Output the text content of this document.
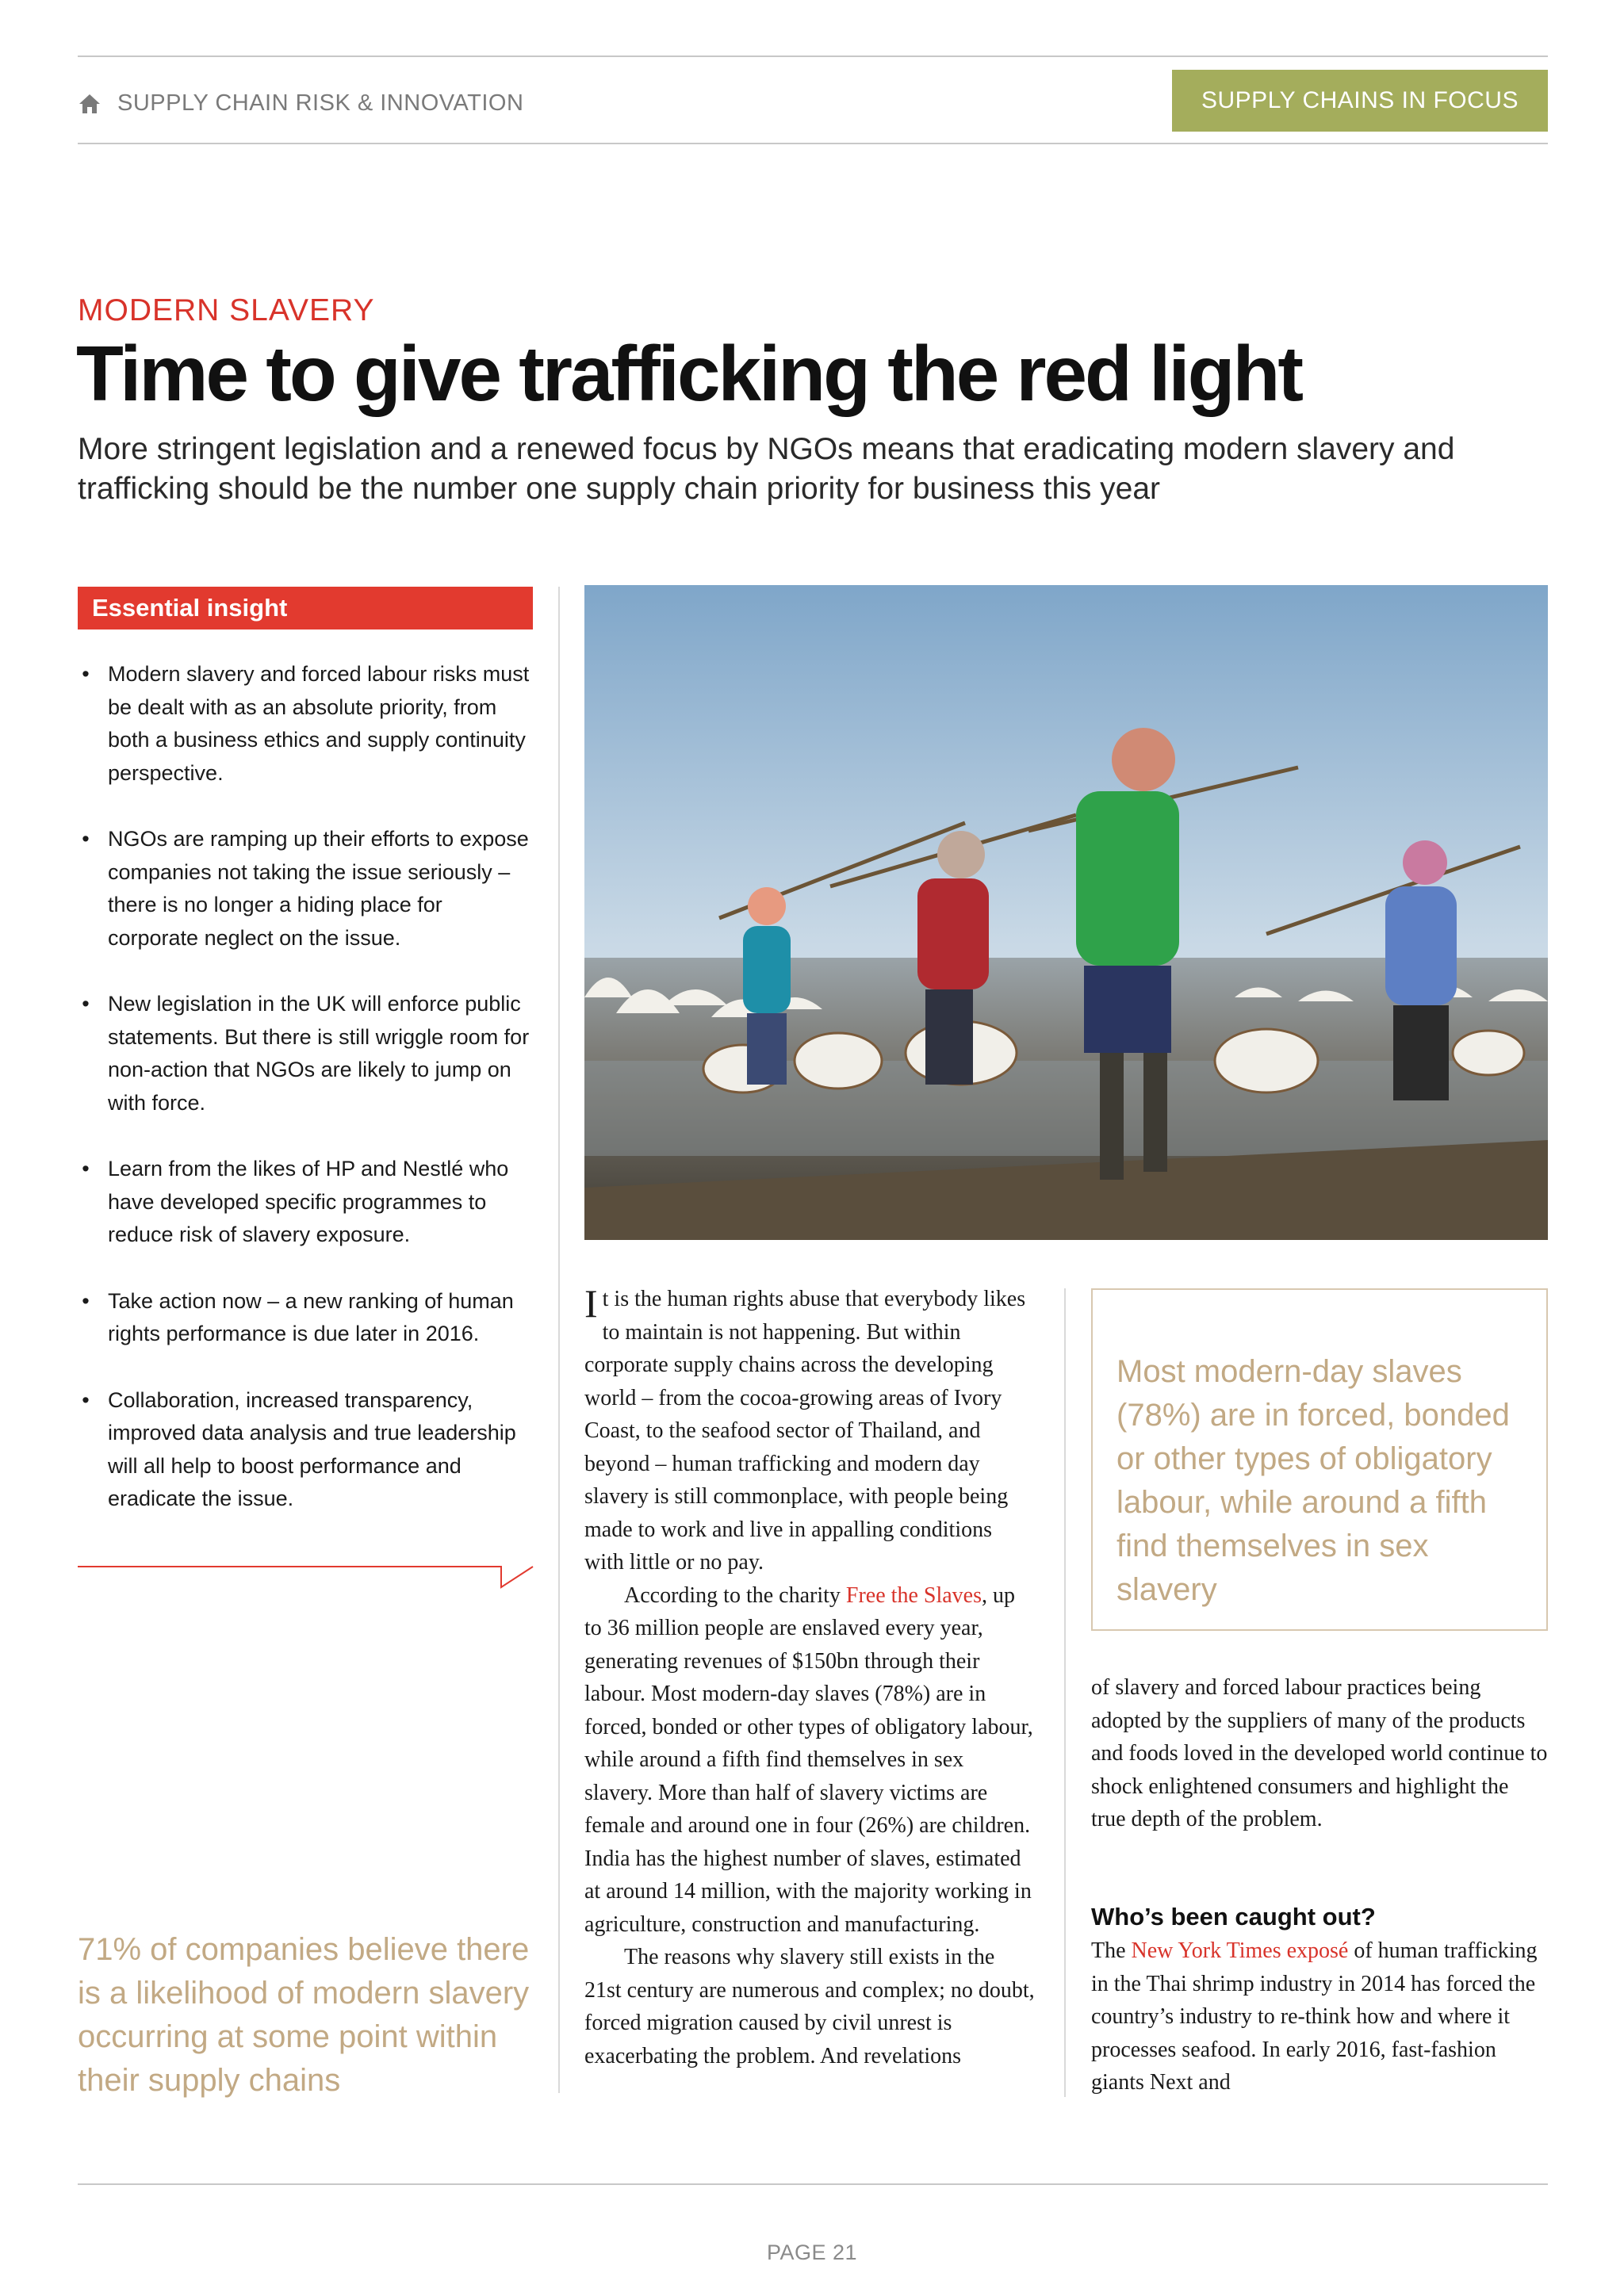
SUPPLY CHAIN RISK & INNOVATION	SUPPLY CHAINS IN FOCUS
MODERN SLAVERY
Time to give trafficking the red light

More stringent legislation and a renewed focus by NGOs means that eradicating modern slavery and trafficking should be the number one supply chain priority for business this year

Essential insight
• Modern slavery and forced labour risks must be dealt with as an absolute priority, from both a business ethics and supply continuity perspective.
• NGOs are ramping up their efforts to expose companies not taking the issue seriously – there is no longer a hiding place for corporate neglect on the issue.
• New legislation in the UK will enforce public statements. But there is still wriggle room for non-action that NGOs are likely to jump on with force.
• Learn from the likes of HP and Nestlé who have developed specific programmes to reduce risk of slavery exposure.
• Take action now – a new ranking of human rights performance is due later in 2016.
• Collaboration, increased transparency, improved data analysis and true leadership will all help to boost performance and eradicate the issue.
71% of companies believe there is a likelihood of modern slavery occurring at some point within their supply chains

It is the human rights abuse that everybody likes to maintain is not happening. But within corporate supply chains across the developing world – from the cocoa-growing areas of Ivory Coast, to the seafood sector of Thailand, and beyond – human trafficking and modern day slavery is still commonplace, with people being made to work and live in appalling conditions with little or no pay.

According to the charity Free the Slaves, up to 36 million people are enslaved every year, generating revenues of $150bn through their labour. Most modern-day slaves (78%) are in forced, bonded or other types of obligatory labour, while around a fifth find themselves in sex slavery. More than half of slavery victims are female and around one in four (26%) are children. India has the highest number of slaves, estimated at around 14 million, with the majority working in agriculture, construction and manufacturing.

The reasons why slavery still exists in the 21st century are numerous and complex; no doubt, forced migration caused by civil unrest is exacerbating the problem. And revelations

Most modern-day slaves (78%) are in forced, bonded or other types of obligatory labour, while around a fifth find themselves in sex slavery

of slavery and forced labour practices being adopted by the suppliers of many of the products and foods loved in the developed world continue to shock enlightened consumers and highlight the true depth of the problem.

Who’s been caught out?

The New York Times exposé of human trafficking in the Thai shrimp industry in 2014 has forced the country’s industry to re-think how and where it processes seafood. In early 2016, fast-fashion giants Next and

PAGE 21
